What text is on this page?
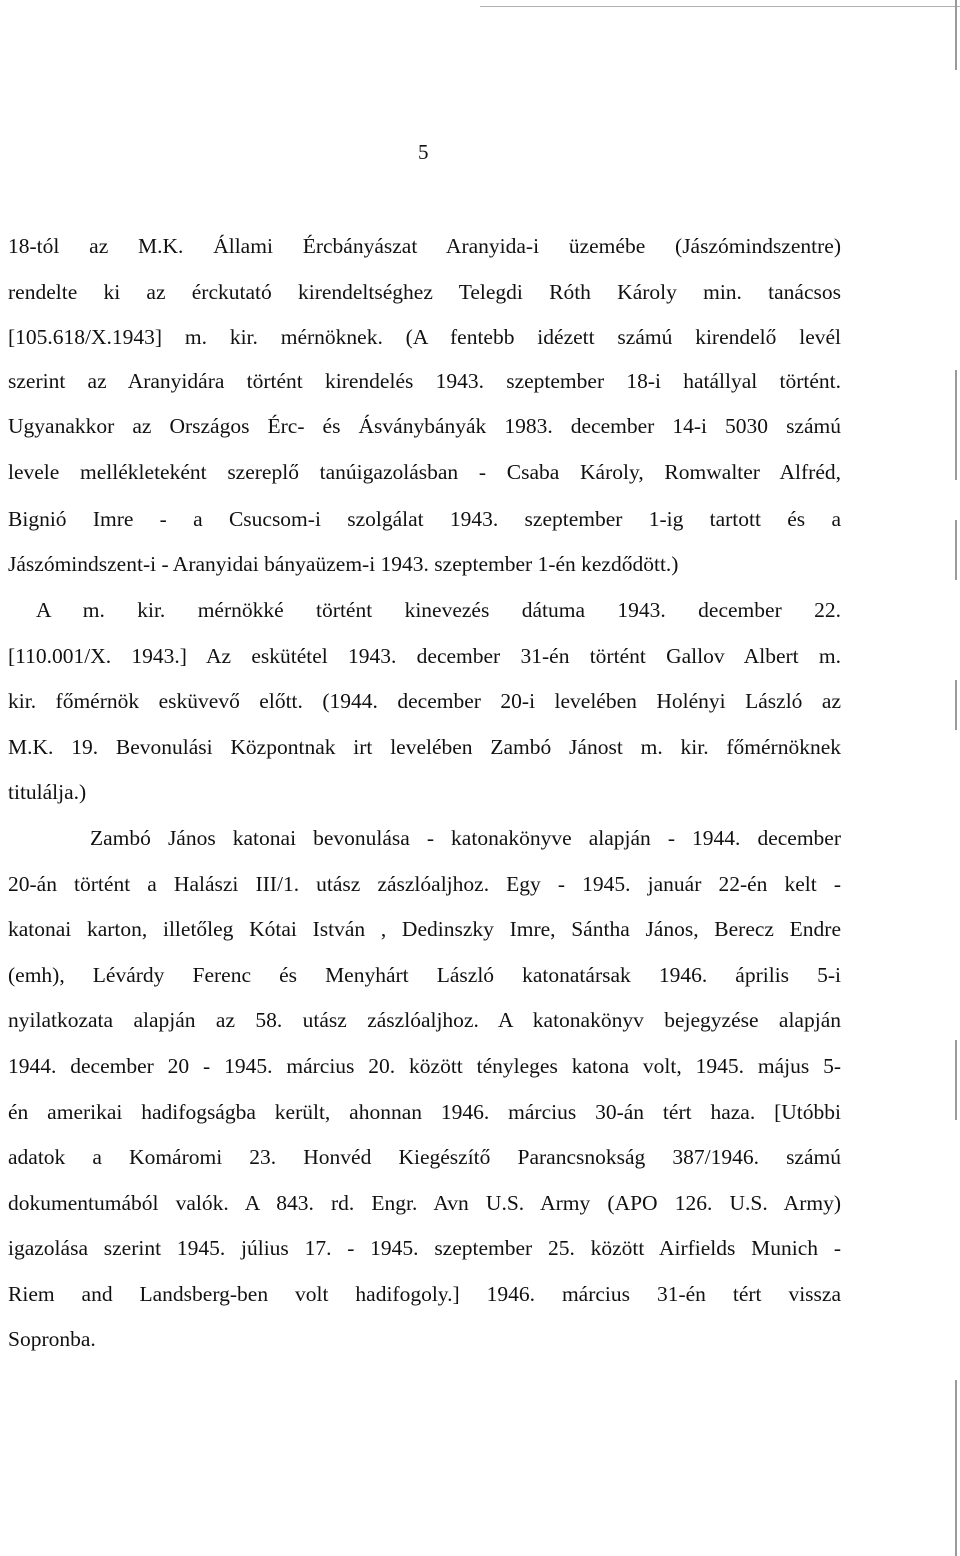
5
18-tól az M.K. Állami Ércbányászat Aranyida-i üzemébe (Jászómindszentre)
rendelte ki az érckutató kirendeltséghez Telegdi Róth Károly min. tanácsos
[105.618/X.1943] m. kir. mérnöknek. (A fentebb idézett számú kirendelő levél
szerint az Aranyidára történt kirendelés 1943. szeptember 18-i hatállyal történt.
Ugyanakkor az Országos Érc- és Ásványbányák 1983. december 14-i 5030 számú
levele mellékleteként szereplő tanúigazolásban - Csaba Károly, Romwalter Alfréd,
Bignió Imre - a Csucsom-i szolgálat 1943. szeptember 1-ig tartott és a
Jászómindszent-i - Aranyidai bányaüzem-i 1943. szeptember 1-én kezdődött.)
A m. kir. mérnökké történt kinevezés dátuma 1943. december 22.
[110.001/X. 1943.] Az eskütétel 1943. december 31-én történt Gallov Albert m.
kir. főmérnök esküvevő előtt. (1944. december 20-i levelében Holényi László az
M.K. 19. Bevonulási Központnak irt levelében Zambó Jánost m. kir. főmérnöknek
titulálja.)
Zambó János katonai bevonulása - katonakönyve alapján - 1944. december
20-án történt a Halászi III/1. utász zászlóaljhoz. Egy - 1945. január 22-én kelt -
katonai karton, illetőleg Kótai István , Dedinszky Imre, Sántha János, Berecz Endre
(emh), Lévárdy Ferenc és Menyhárt László katonatársak 1946. április 5-i
nyilatkozata alapján az 58. utász zászlóaljhoz. A katonakönyv bejegyzése alapján
1944. december 20 - 1945. március 20. között tényleges katona volt, 1945. május 5-
én amerikai hadifogságba került, ahonnan 1946. március 30-án tért haza. [Utóbbi
adatok a Komáromi 23. Honvéd Kiegészítő Parancsnokság 387/1946. számú
dokumentumából valók. A 843. rd. Engr. Avn U.S. Army (APO 126. U.S. Army)
igazolása szerint 1945. július 17. - 1945. szeptember 25. között Airfields Munich -
Riem and Landsberg-ben volt hadifogoly.] 1946. március 31-én tért vissza
Sopronba.
